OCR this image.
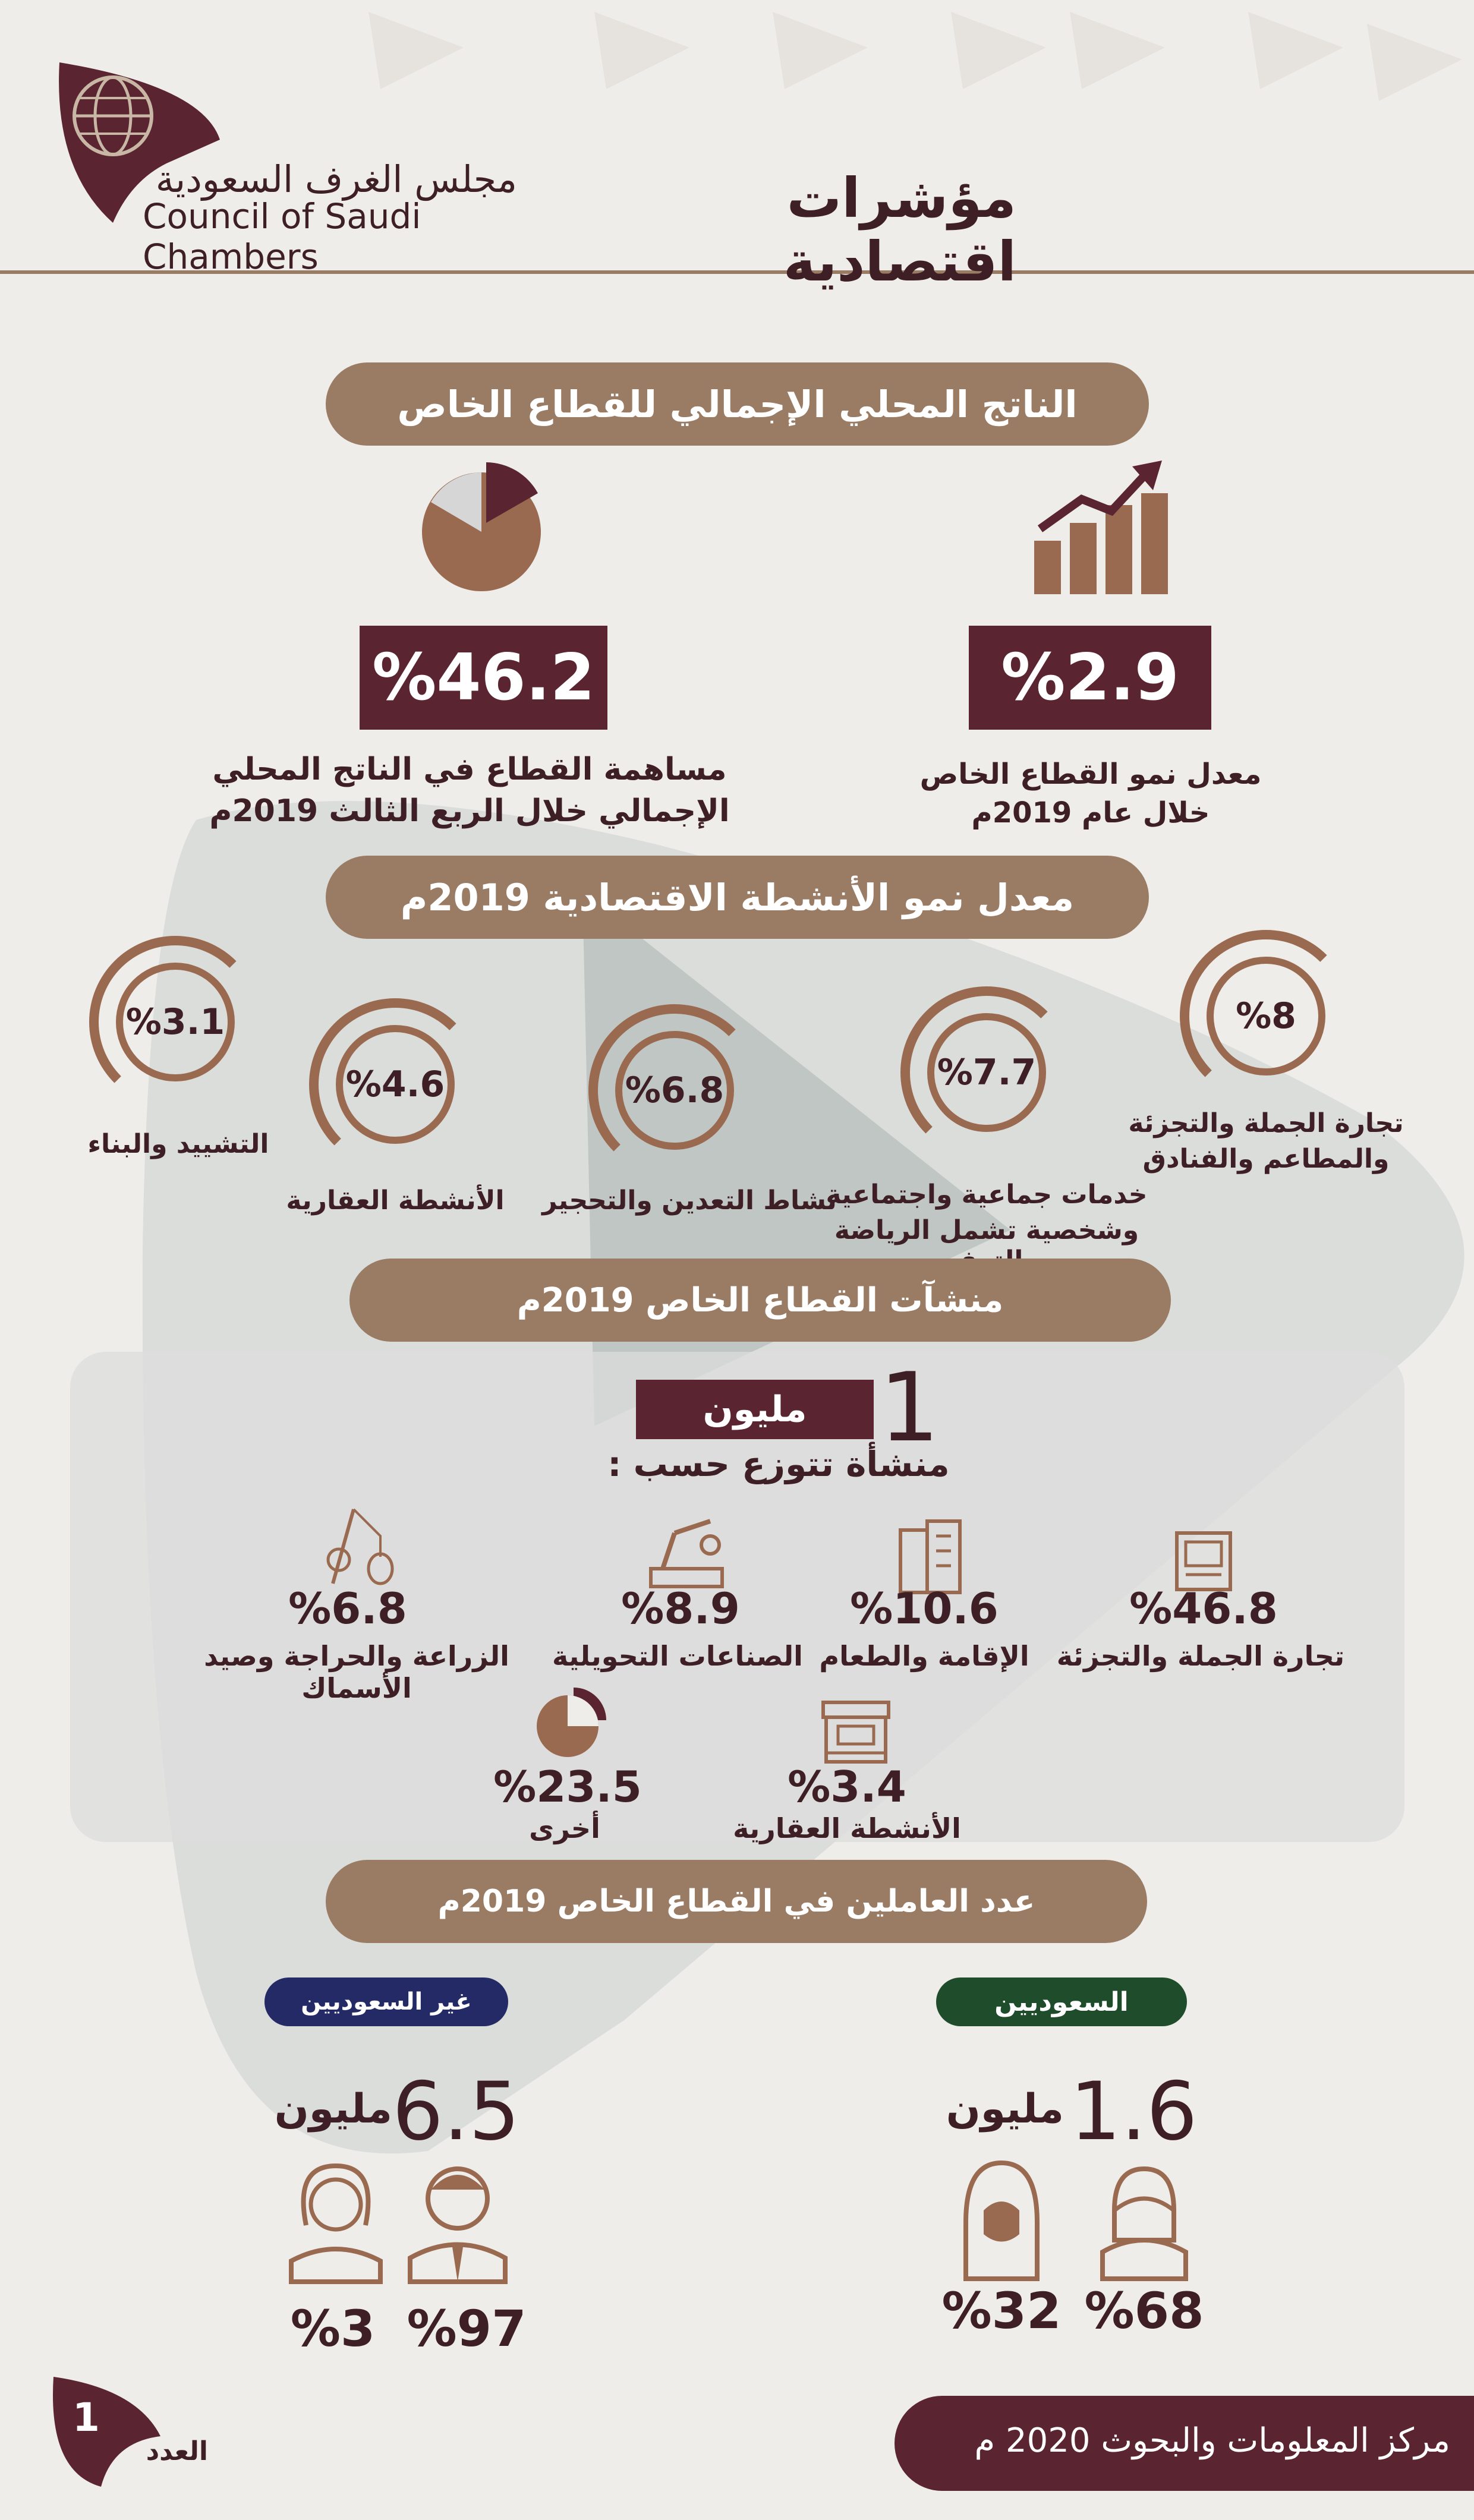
مجلس الغرف السعودية
Council of Saudi Chambers
مؤشرات اقتصادية
الناتج المحلي الإجمالي للقطاع الخاص
%46.2	%2.9
مساهمة القطاع في الناتج المحلي
الإجمالي خلال الربع الثالث 2019م
معدل نمو القطاع الخاص
خلال عام 2019م
معدل نمو الأنشطة الاقتصادية 2019م
%8
تجارة الجملة والتجزئة
والمطاعم والفنادق
%7.7
خدمات جماعية واجتماعية
وشخصية تشمل الرياضة
%6.8
نشاط التعدين والتحجير
%4.6
الأنشطة العقارية
%3.1
التشييد والبناء
منشآت القطاع الخاص 2019م
1
مليون
منشأة تتوزع حسب :
%46.8
تجارة الجملة والتجزئة
%10.6
الإقامة والطعام
%8.9
الصناعات التحويلية
%6.8
الزراعة والحراجة وصيد الأسماك
%3.4
الأنشطة العقارية
%23.5
أخرى
عدد العاملين في القطاع الخاص 2019م
السعوديين
غير السعوديين
1.6
مليون
6.5
مليون
%68
%32
%97
%3
1
العدد	مركز المعلومات والبحوث 2020 م
